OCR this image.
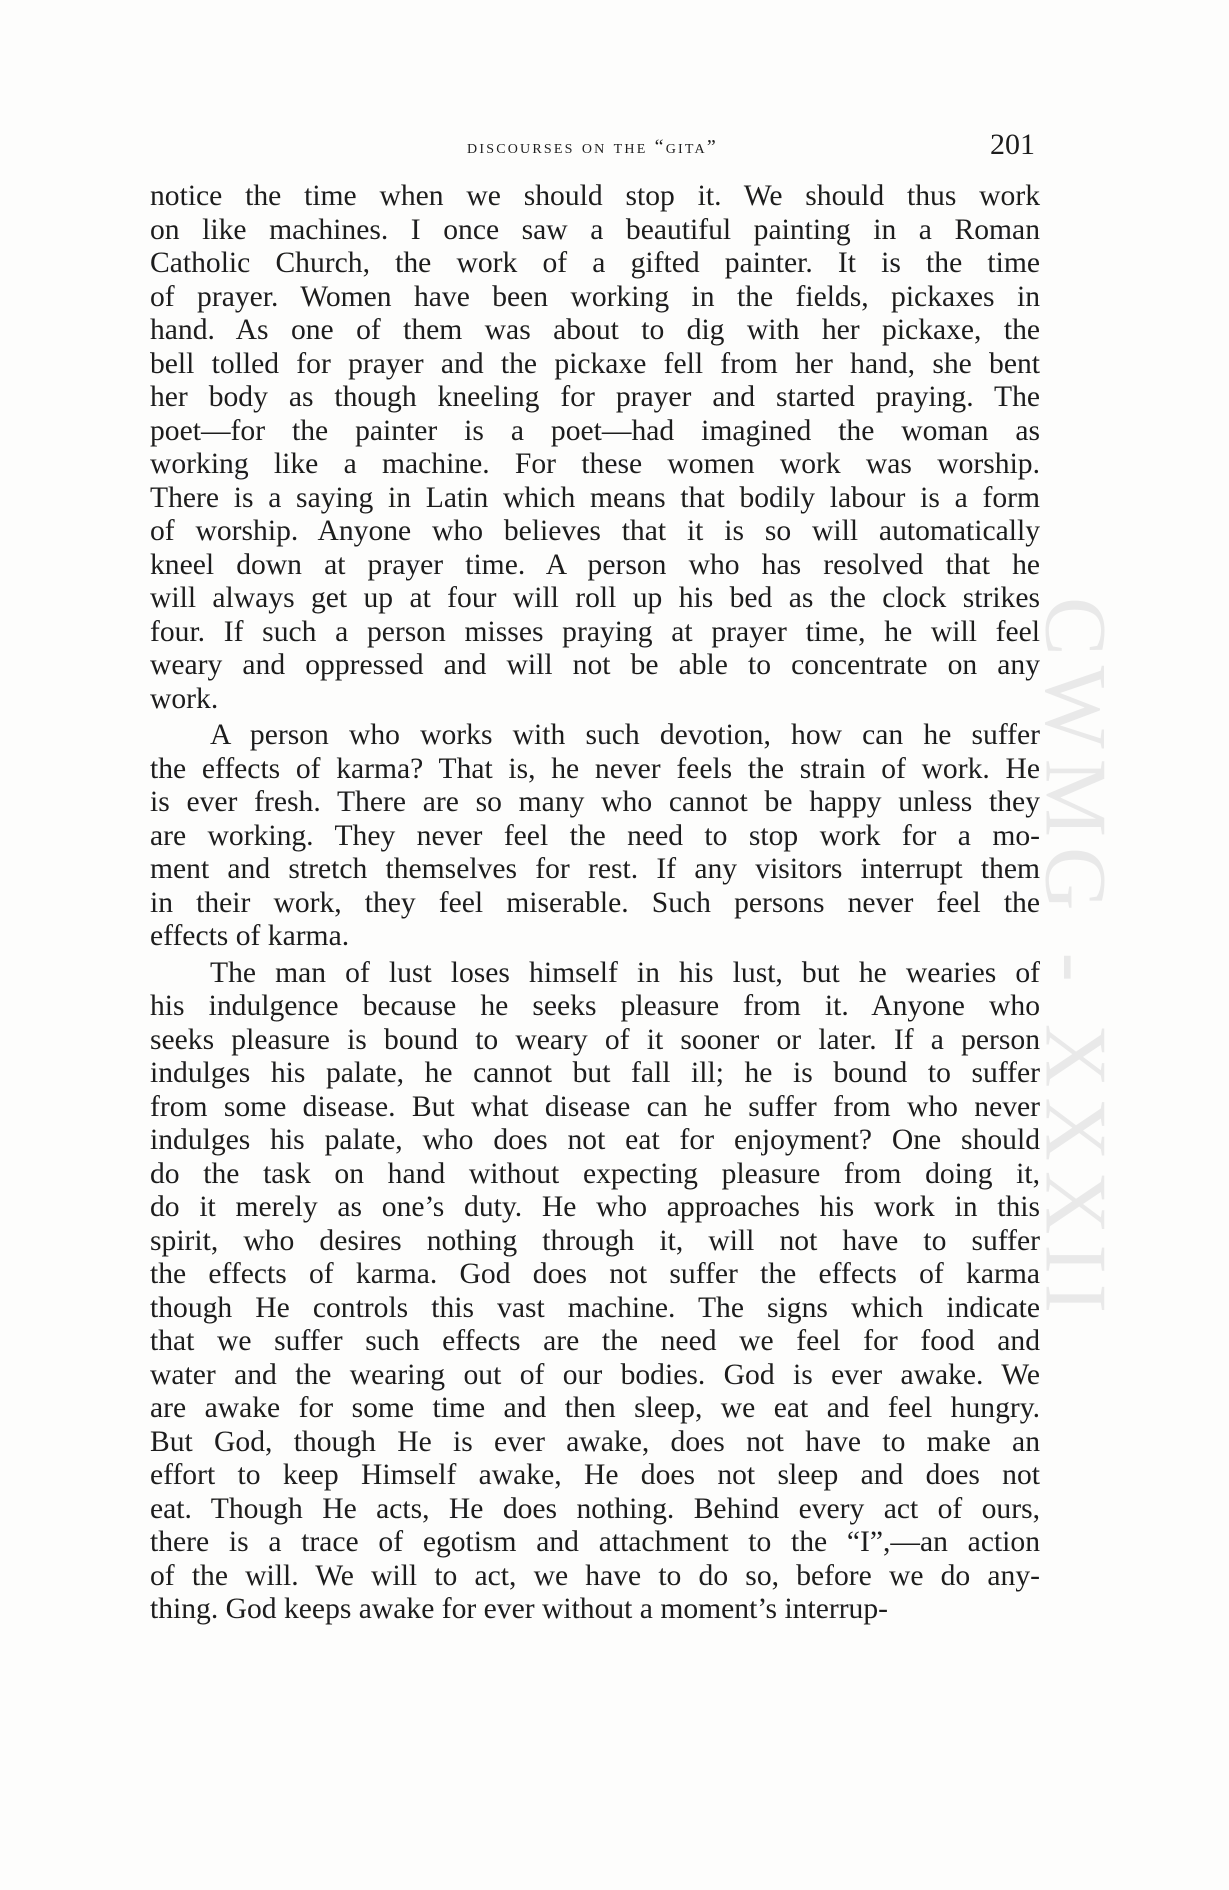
discourses on the “gita”	201
CWMG - XXXII
notice the time when we should stop it. We should thus work
on like machines. I once saw a beautiful painting in a Roman
Catholic Church, the work of a gifted painter. It is the time
of prayer. Women have been working in the fields, pickaxes in
hand. As one of them was about to dig with her pickaxe, the
bell tolled for prayer and the pickaxe fell from her hand, she bent
her body as though kneeling for prayer and started praying. The
poet—for the painter is a poet—had imagined the woman as
working like a machine. For these women work was worship.
There is a saying in Latin which means that bodily labour is a form
of worship. Anyone who believes that it is so will automatically
kneel down at prayer time. A person who has resolved that he
will always get up at four will roll up his bed as the clock strikes
four. If such a person misses praying at prayer time, he will feel
weary and oppressed and will not be able to concentrate on any
work.
A person who works with such devotion, how can he suffer
the effects of karma? That is, he never feels the strain of work. He
is ever fresh. There are so many who cannot be happy unless they
are working. They never feel the need to stop work for a mo-
ment and stretch themselves for rest. If any visitors interrupt them
in their work, they feel miserable. Such persons never feel the
effects of karma.
The man of lust loses himself in his lust, but he wearies of
his indulgence because he seeks pleasure from it. Anyone who
seeks pleasure is bound to weary of it sooner or later. If a person
indulges his palate, he cannot but fall ill; he is bound to suffer
from some disease. But what disease can he suffer from who never
indulges his palate, who does not eat for enjoyment? One should
do the task on hand without expecting pleasure from doing it,
do it merely as one’s duty. He who approaches his work in this
spirit, who desires nothing through it, will not have to suffer
the effects of karma. God does not suffer the effects of karma
though He controls this vast machine. The signs which indicate
that we suffer such effects are the need we feel for food and
water and the wearing out of our bodies. God is ever awake. We
are awake for some time and then sleep, we eat and feel hungry.
But God, though He is ever awake, does not have to make an
effort to keep Himself awake, He does not sleep and does not
eat. Though He acts, He does nothing. Behind every act of ours,
there is a trace of egotism and attachment to the “I”,—an action
of the will. We will to act, we have to do so, before we do any-
thing. God keeps awake for ever without a moment’s interrup-
